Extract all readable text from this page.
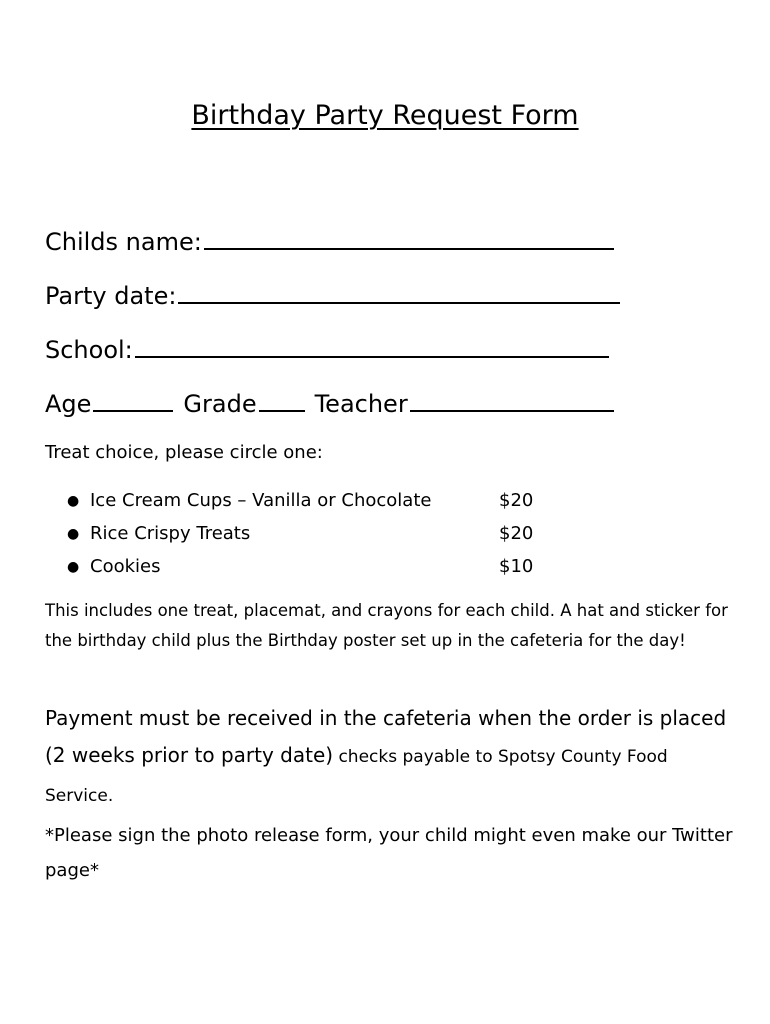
Birthday Party Request Form
Childs name:
Party date:
School:
Age	Grade Teacher
Treat choice, please circle one:
● Ice Cream Cups – Vanilla or Chocolate	$20
● Rice Crispy Treats	$20
● Cookies	$10
This includes one treat, placemat, and crayons for each child. A hat and sticker for the birthday child plus the Birthday poster set up in the cafeteria for the day!
Payment must be received in the cafeteria when the order is placed (2 weeks prior to party date) checks payable to Spotsy County Food Service.
*Please sign the photo release form, your child might even make our Twitter page*
